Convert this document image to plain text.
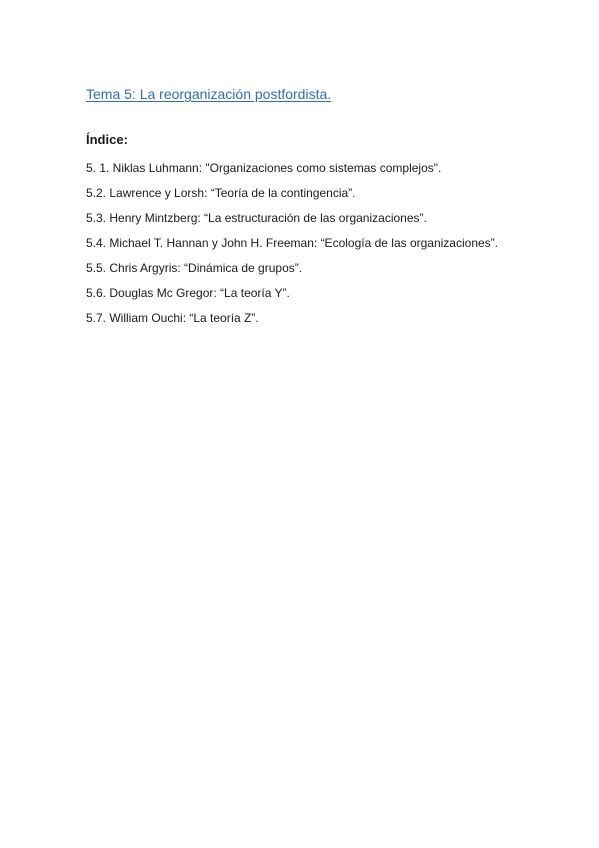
Tema 5: La reorganización postfordista.
Índice:
5. 1. Niklas Luhmann: "Organizaciones como sistemas complejos".
5.2. Lawrence y Lorsh: “Teoría de la contingencia”.
5.3. Henry Mintzberg: “La estructuración de las organizaciones”.
5.4. Michael T. Hannan y John H. Freeman: “Ecología de las organizaciones”.
5.5. Chris Argyris: “Dinámica de grupos”.
5.6. Douglas Mc Gregor: “La teoría Y”.
5.7. William Ouchi: “La teoría Z”.
